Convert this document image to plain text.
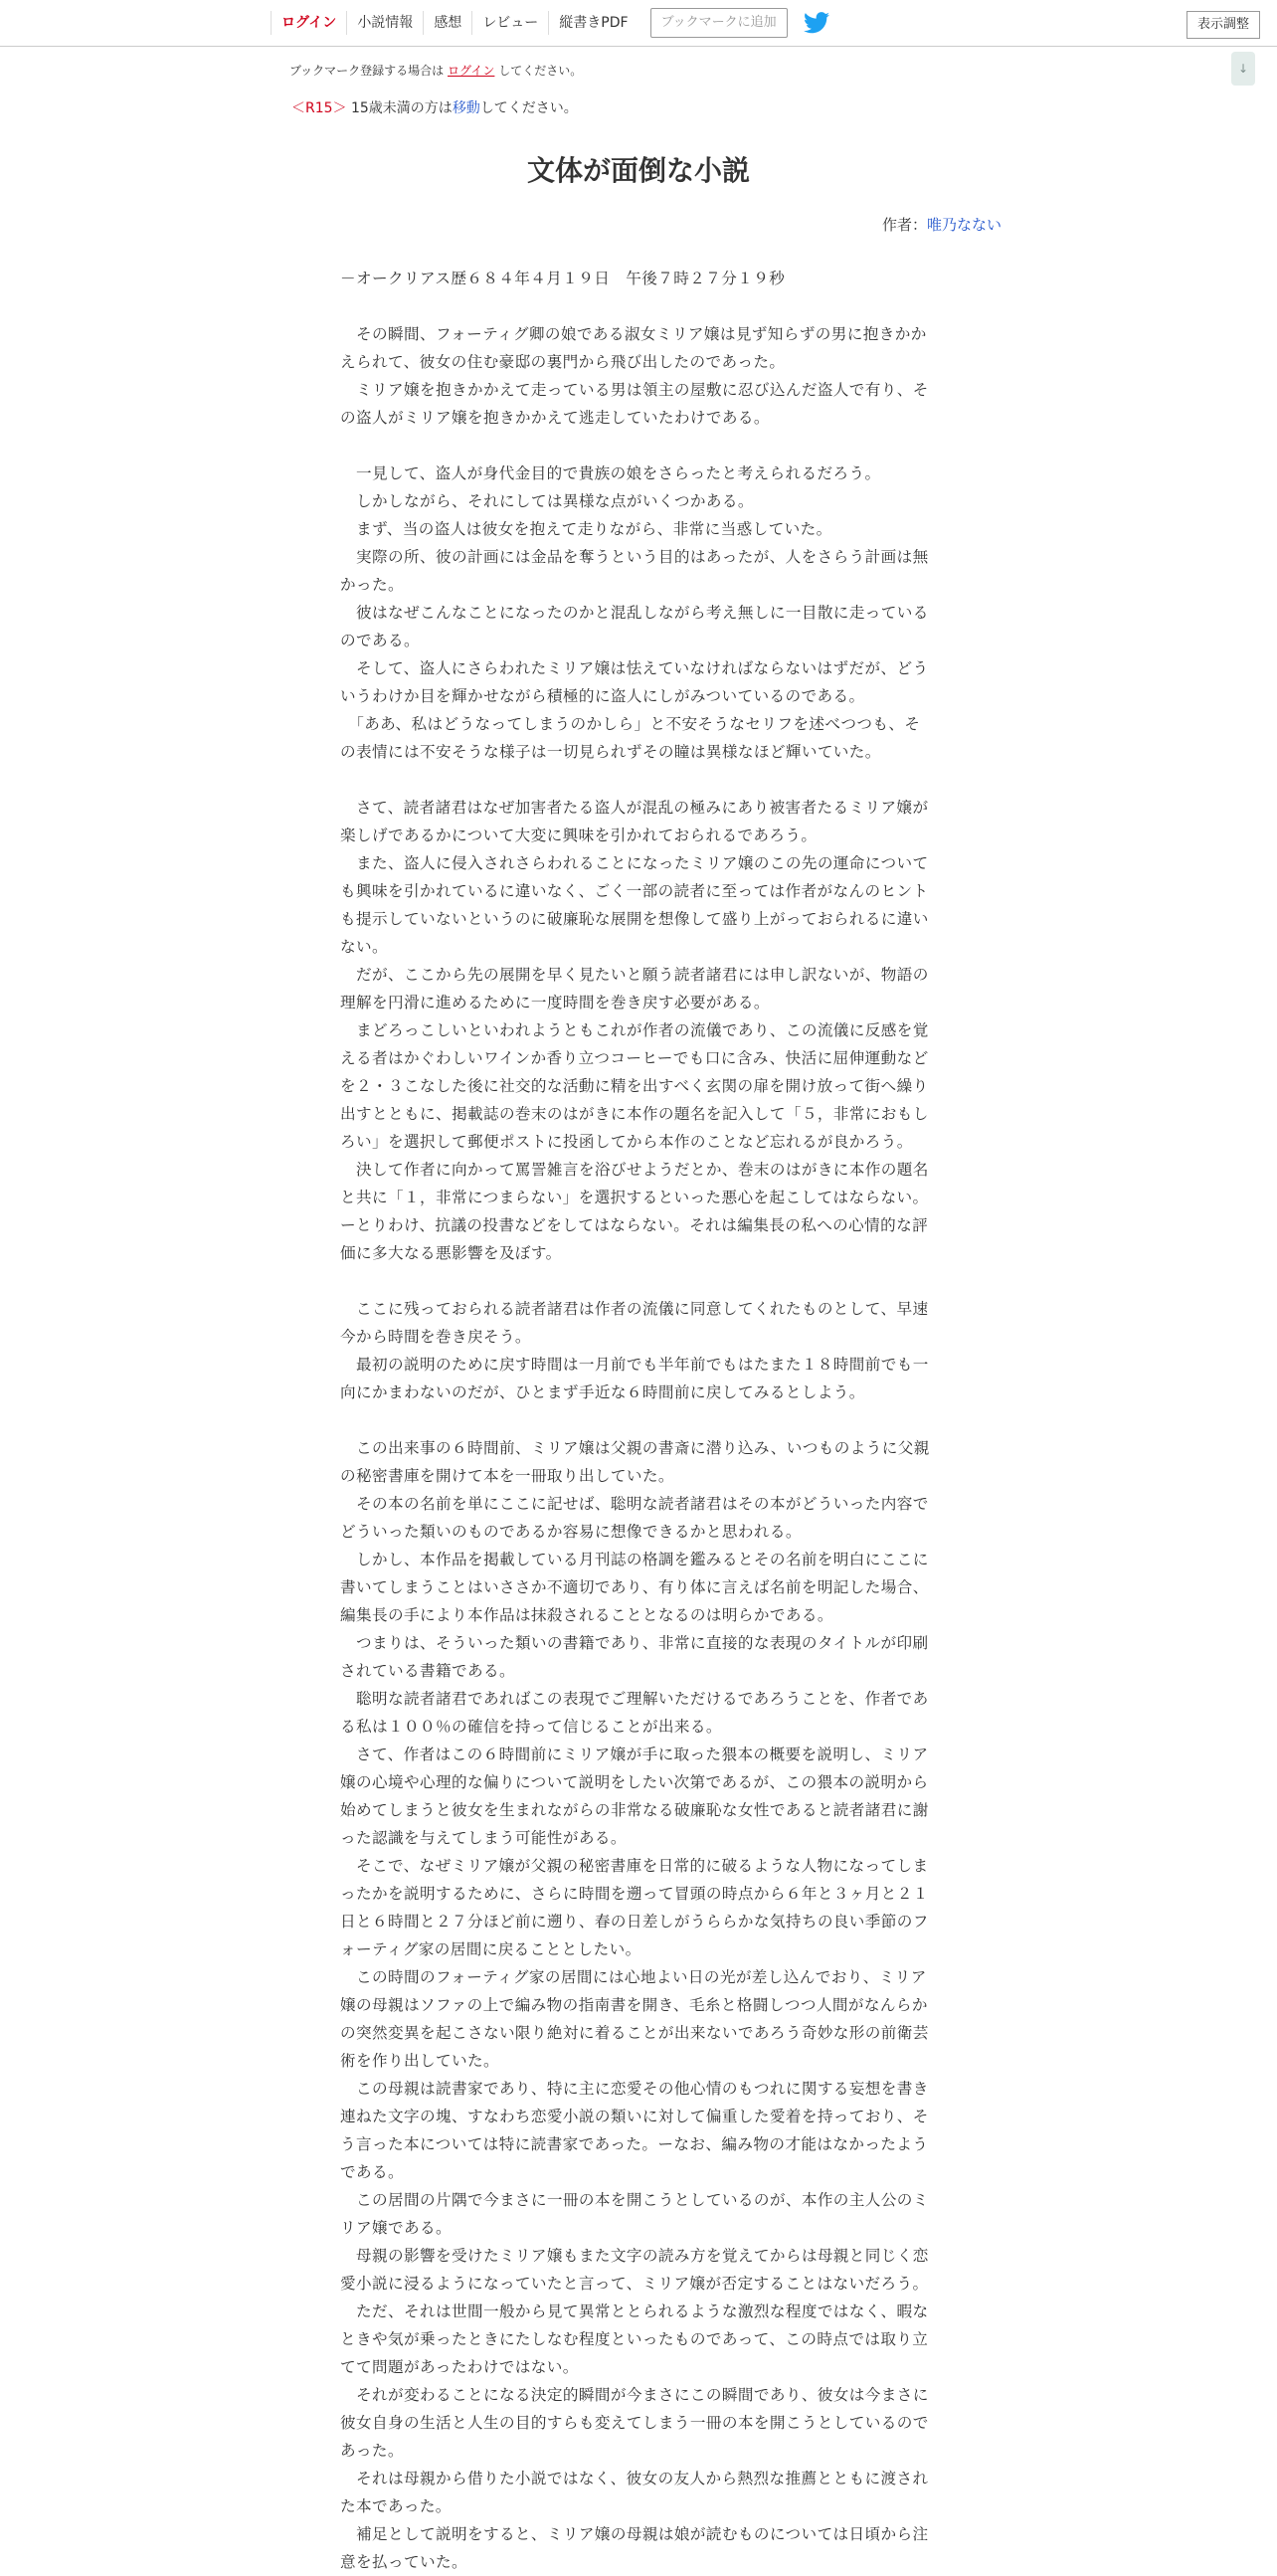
ログイン	小説情報	感想	レビュー	縦書きPDF	ブックマークに追加	表示調整
↓
ブックマーク登録する場合は ログイン してください。
＜R15＞ 15歳未満の方は移動してください。
文体が面倒な小説
作者：唯乃なない

－オークリアス歴６８４年４月１９日　午後７時２７分１９秒

　その瞬間、フォーティグ卿の娘である淑女ミリア嬢は見ず知らずの男に抱きかかえられて、彼女の住む豪邸の裏門から飛び出したのであった。

　ミリア嬢を抱きかかえて走っている男は領主の屋敷に忍び込んだ盗人で有り、その盗人がミリア嬢を抱きかかえて逃走していたわけである。

　一見して、盗人が身代金目的で貴族の娘をさらったと考えられるだろう。

　しかしながら、それにしては異様な点がいくつかある。

　まず、当の盗人は彼女を抱えて走りながら、非常に当惑していた。

　実際の所、彼の計画には金品を奪うという目的はあったが、人をさらう計画は無かった。

　彼はなぜこんなことになったのかと混乱しながら考え無しに一目散に走っているのである。

　そして、盗人にさらわれたミリア嬢は怯えていなければならないはずだが、どういうわけか目を輝かせながら積極的に盗人にしがみついているのである。

　「ああ、私はどうなってしまうのかしら」と不安そうなセリフを述べつつも、その表情には不安そうな様子は一切見られずその瞳は異様なほど輝いていた。

　さて、読者諸君はなぜ加害者たる盗人が混乱の極みにあり被害者たるミリア嬢が楽しげであるかについて大変に興味を引かれておられるであろう。

　また、盗人に侵入されさらわれることになったミリア嬢のこの先の運命についても興味を引かれているに違いなく、ごく一部の読者に至っては作者がなんのヒントも提示していないというのに破廉恥な展開を想像して盛り上がっておられるに違いない。

　だが、ここから先の展開を早く見たいと願う読者諸君には申し訳ないが、物語の理解を円滑に進めるために一度時間を巻き戻す必要がある。

　まどろっこしいといわれようともこれが作者の流儀であり、この流儀に反感を覚える者はかぐわしいワインか香り立つコーヒーでも口に含み、快活に屈伸運動などを２・３こなした後に社交的な活動に精を出すべく玄関の扉を開け放って街へ繰り出すとともに、掲載誌の巻末のはがきに本作の題名を記入して「５，非常におもしろい」を選択して郵便ポストに投函してから本作のことなど忘れるが良かろう。

　決して作者に向かって罵詈雑言を浴びせようだとか、巻末のはがきに本作の題名と共に「１，非常につまらない」を選択するといった悪心を起こしてはならない。ーとりわけ、抗議の投書などをしてはならない。それは編集長の私への心情的な評価に多大なる悪影響を及ぼす。

　ここに残っておられる読者諸君は作者の流儀に同意してくれたものとして、早速今から時間を巻き戻そう。

　最初の説明のために戻す時間は一月前でも半年前でもはたまた１８時間前でも一向にかまわないのだが、ひとまず手近な６時間前に戻してみるとしよう。

　この出来事の６時間前、ミリア嬢は父親の書斎に潜り込み、いつものように父親の秘密書庫を開けて本を一冊取り出していた。

　その本の名前を単にここに記せば、聡明な読者諸君はその本がどういった内容でどういった類いのものであるか容易に想像できるかと思われる。

　しかし、本作品を掲載している月刊誌の格調を鑑みるとその名前を明白にここに書いてしまうことはいささか不適切であり、有り体に言えば名前を明記した場合、編集長の手により本作品は抹殺されることとなるのは明らかである。

　つまりは、そういった類いの書籍であり、非常に直接的な表現のタイトルが印刷されている書籍である。

　聡明な読者諸君であればこの表現でご理解いただけるであろうことを、作者である私は１００％の確信を持って信じることが出来る。

　さて、作者はこの６時間前にミリア嬢が手に取った猥本の概要を説明し、ミリア嬢の心境や心理的な偏りについて説明をしたい次第であるが、この猥本の説明から始めてしまうと彼女を生まれながらの非常なる破廉恥な女性であると読者諸君に謝った認識を与えてしまう可能性がある。

　そこで、なぜミリア嬢が父親の秘密書庫を日常的に破るような人物になってしまったかを説明するために、さらに時間を遡って冒頭の時点から６年と３ヶ月と２１日と６時間と２７分ほど前に遡り、春の日差しがうららかな気持ちの良い季節のフォーティグ家の居間に戻ることとしたい。

　この時間のフォーティグ家の居間には心地よい日の光が差し込んでおり、ミリア嬢の母親はソファの上で編み物の指南書を開き、毛糸と格闘しつつ人間がなんらかの突然変異を起こさない限り絶対に着ることが出来ないであろう奇妙な形の前衛芸術を作り出していた。

　この母親は読書家であり、特に主に恋愛その他心情のもつれに関する妄想を書き連ねた文字の塊、すなわち恋愛小説の類いに対して偏重した愛着を持っており、そう言った本については特に読書家であった。ーなお、編み物の才能はなかったようである。

　この居間の片隅で今まさに一冊の本を開こうとしているのが、本作の主人公のミリア嬢である。

　母親の影響を受けたミリア嬢もまた文字の読み方を覚えてからは母親と同じく恋愛小説に浸るようになっていたと言って、ミリア嬢が否定することはないだろう。

　ただ、それは世間一般から見て異常ととられるような激烈な程度ではなく、暇なときや気が乗ったときにたしなむ程度といったものであって、この時点では取り立てて問題があったわけではない。

　それが変わることになる決定的瞬間が今まさにこの瞬間であり、彼女は今まさに彼女自身の生活と人生の目的すらも変えてしまう一冊の本を開こうとしているのであった。

　それは母親から借りた小説ではなく、彼女の友人から熱烈な推薦とともに渡された本であった。

　補足として説明をすると、ミリア嬢の母親は娘が読むものについては日頃から注意を払っていた。
